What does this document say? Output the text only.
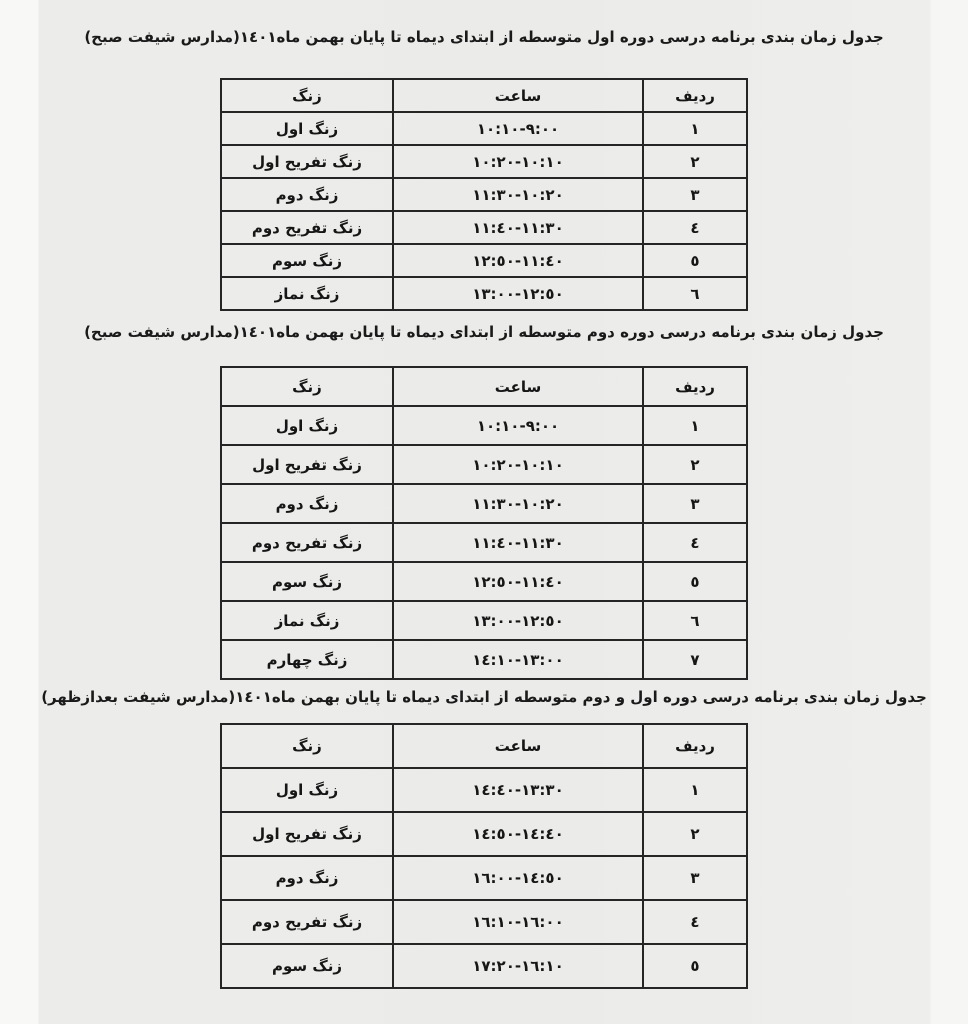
جدول زمان بندی برنامه درسی دوره اول متوسطه از ابتدای دیماه تا پایان بهمن ماه١٤٠١(مدارس شیفت صبح)
ردیف	ساعت	زنگ
١	٩:٠٠-١٠:١٠	زنگ اول
٢	١٠:١٠-١٠:٢٠	زنگ تفریح اول
٣	١٠:٢٠-١١:٣٠	زنگ دوم
٤	١١:٣٠-١١:٤٠	زنگ تفریح دوم
٥	١١:٤٠-١٢:٥٠	زنگ سوم
٦	١٢:٥٠-١٣:٠٠	زنگ نماز
جدول زمان بندی برنامه درسی دوره دوم متوسطه از ابتدای دیماه تا پایان بهمن ماه١٤٠١(مدارس شیفت صبح)
ردیف	ساعت	زنگ
١	٩:٠٠-١٠:١٠	زنگ اول
٢	١٠:١٠-١٠:٢٠	زنگ تفریح اول
٣	١٠:٢٠-١١:٣٠	زنگ دوم
٤	١١:٣٠-١١:٤٠	زنگ تفریح دوم
٥	١١:٤٠-١٢:٥٠	زنگ سوم
٦	١٢:٥٠-١٣:٠٠	زنگ نماز
٧	١٣:٠٠-١٤:١٠	زنگ چهارم
جدول زمان بندی برنامه درسی دوره اول و دوم متوسطه از ابتدای دیماه تا پایان بهمن ماه١٤٠١(مدارس شیفت بعدازظهر)
ردیف	ساعت	زنگ
١	١٣:٣٠-١٤:٤٠	زنگ اول
٢	١٤:٤٠-١٤:٥٠	زنگ تفریح اول
٣	١٤:٥٠-١٦:٠٠	زنگ دوم
٤	١٦:٠٠-١٦:١٠	زنگ تفریح دوم
٥	١٦:١٠-١٧:٢٠	زنگ سوم
